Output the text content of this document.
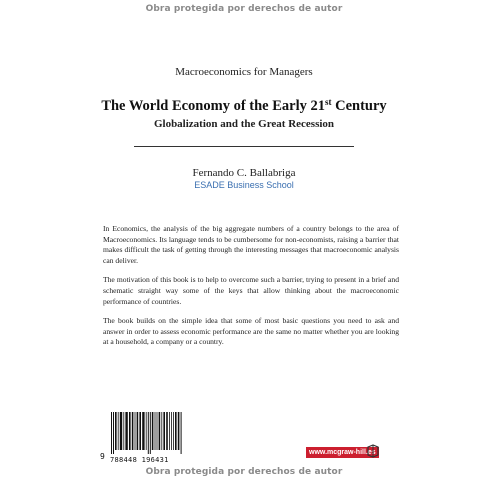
Obra protegida por derechos de autor
Macroeconomics for Managers
The World Economy of the Early 21st Century
Globalization and the Great Recession
Fernando C. Ballabriga
ESADE Business School

In Economics, the analysis of the big aggregate numbers of a country belongs to the area of Macroeconomics. Its language tends to be cumbersome for non-economists, raising a barrier that makes difficult the task of getting through the interesting messages that macroeconomic analysis can deliver.

The motivation of this book is to help to overcome such a barrier, trying to present in a brief and schematic straight way some of the keys that allow thinking about the macroeconomic performance of countries.

The book builds on the simple idea that some of most basic questions you need to ask and answer in order to assess economic performance are the same no matter whether you are looking at a household, a company or a country.

9 788448 196431
www.mcgraw-hill.es
Obra protegida por derechos de autor
